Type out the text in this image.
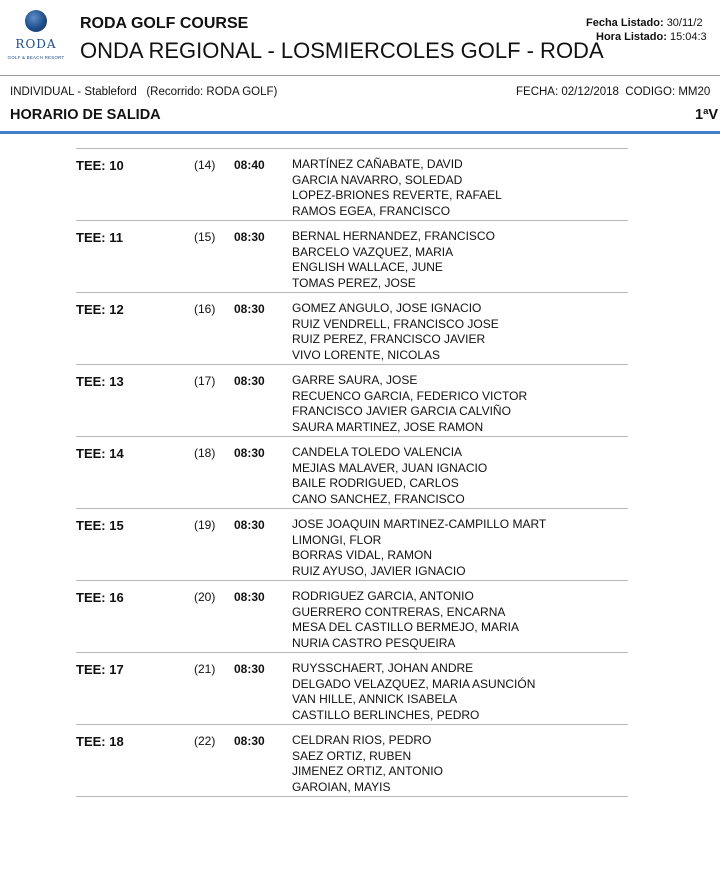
RODA
GOLF & BEACH RESORT
RODA GOLF COURSE
ONDA REGIONAL - LOSMIERCOLES GOLF - RODA
Fecha Listado: 30/11/2
Hora Listado: 15:04:3
INDIVIDUAL - Stableford   (Recorrido: RODA GOLF)	FECHA: 02/12/2018  CODIGO: MM20
HORARIO DE SALIDA	1ªV
TEE: 10	(14) 08:40 MARTÍNEZ CAÑABATE, DAVID
GARCIA NAVARRO, SOLEDAD
LOPEZ-BRIONES REVERTE, RAFAEL
RAMOS EGEA, FRANCISCO
TEE: 11	(15) 08:30 BERNAL HERNANDEZ, FRANCISCO
BARCELO VAZQUEZ, MARIA
ENGLISH WALLACE, JUNE
TOMAS PEREZ, JOSE
TEE: 12	(16) 08:30 GOMEZ ANGULO, JOSE IGNACIO
RUIZ VENDRELL, FRANCISCO JOSE
RUIZ PEREZ, FRANCISCO JAVIER
VIVO LORENTE, NICOLAS
TEE: 13	(17) 08:30 GARRE SAURA, JOSE
RECUENCO GARCIA, FEDERICO VICTOR
FRANCISCO JAVIER GARCIA CALVIÑO
SAURA MARTINEZ, JOSE RAMON
TEE: 14	(18) 08:30 CANDELA TOLEDO VALENCIA
MEJIAS MALAVER, JUAN IGNACIO
BAILE RODRIGUED, CARLOS
CANO SANCHEZ, FRANCISCO
TEE: 15	(19) 08:30 JOSE JOAQUIN MARTINEZ-CAMPILLO MART
LIMONGI, FLOR
BORRAS VIDAL, RAMON
RUIZ AYUSO, JAVIER IGNACIO
TEE: 16	(20) 08:30 RODRIGUEZ GARCIA, ANTONIO
GUERRERO CONTRERAS, ENCARNA
MESA DEL CASTILLO BERMEJO, MARIA
NURIA CASTRO PESQUEIRA
TEE: 17	(21) 08:30 RUYSSCHAERT, JOHAN ANDRE
DELGADO VELAZQUEZ, MARIA ASUNCIÓN
VAN HILLE, ANNICK ISABELA
CASTILLO BERLINCHES, PEDRO
TEE: 18	(22) 08:30 CELDRAN RIOS, PEDRO
SAEZ ORTIZ, RUBEN
JIMENEZ ORTIZ, ANTONIO
GAROIAN, MAYIS
